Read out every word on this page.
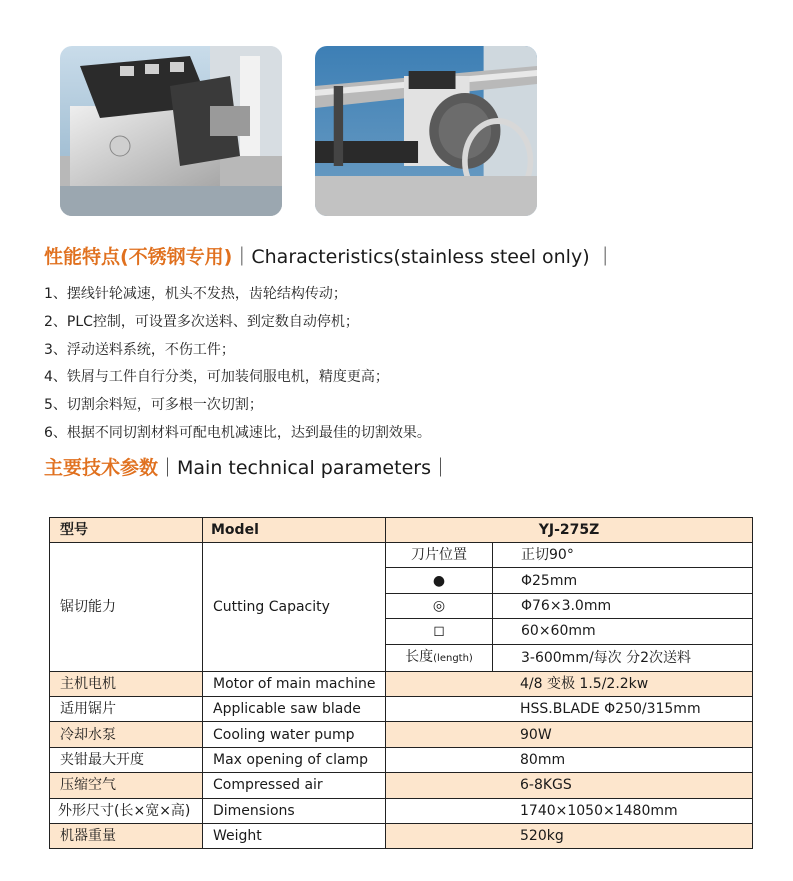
性能特点(不锈钢专用)｜Characteristics(stainless steel only) ｜
1、摆线针轮减速，机头不发热，齿轮结构传动；
2、PLC控制，可设置多次送料、到定数自动停机；
3、浮动送料系统，不伤工件；
4、铁屑与工件自行分类，可加装伺服电机，精度更高；
5、切割余料短，可多根一次切割；
6、根据不同切割材料可配电机减速比，达到最佳的切割效果。
主要技术参数｜Main technical parameters｜
型号	Model	YJ-275Z	
锯切能力	Cutting Capacity	刀片位置	正切90°
		●	Φ25mm
		◎	Φ76×3.0mm
		◻	60×60mm
		长度(length)	3-600mm/每次 分2次送料
主机电机	Motor of main machine	4/8 变极 1.5/2.2kw	
适用锯片	Applicable saw blade	HSS.BLADE Φ250/315mm	
冷却水泵	Cooling water pump	90W	
夹钳最大开度	Max opening of clamp	80mm	
压缩空气	Compressed air	6-8KGS	
外形尺寸(长×宽×高)	Dimensions	1740×1050×1480mm	
机器重量	Weight	520kg	
